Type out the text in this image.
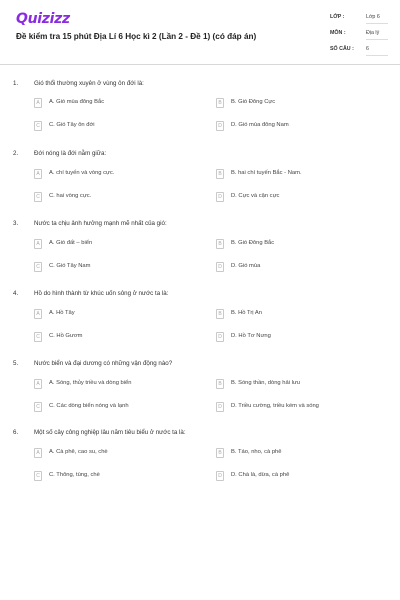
Quizizz
Đề kiểm tra 15 phút Địa Lí 6 Học kì 2 (Lần 2 - Đề 1) (có đáp án)
LỚP :	Lớp 6
MÔN :	Địa lý
SỐ CÂU : 6
1.	Gió thổi thường xuyên ở vùng ôn đới là:
A	A. Gió mùa đông Bắc	B	B. Gió Đông Cực
C	C. Gió Tây ôn đới	D	D. Gió mùa đông Nam
2.	Đới nóng là đới nằm giữa:
A	A. chí tuyến và vòng cực.	B	B. hai chí tuyến Bắc - Nam.
C	C. hai vòng cực.	D	D. Cực và cận cực
3.	Nước ta chịu ảnh hưởng mạnh mẽ nhất của gió:
A	A. Gió đất – biển	B	B. Gió Đông Bắc
C	C. Gió Tây Nam	D	D. Gió mùa
4.	Hồ do hình thành từ khúc uốn sông ở nước ta là:
A	A. Hồ Tây	B	B. Hồ Trị An
C	C. Hồ Gươm	D	D. Hồ Tơ Nưng
5.	Nước biển và đại dương có những vận động nào?
A	A. Sóng, thủy triều và dòng biển	B	B. Sóng thần, dòng hải lưu
C	C. Các dòng biển nóng và lạnh	D	D. Triều cường, triều kém và sóng
6.	Một số cây công nghiệp lâu năm tiêu biểu ở nước ta là:
A	A. Cà phê, cao su, chè	B	B. Táo, nho, cà phê
C	C. Thông, tùng, chè	D	D. Chà là, dừa, cà phê
